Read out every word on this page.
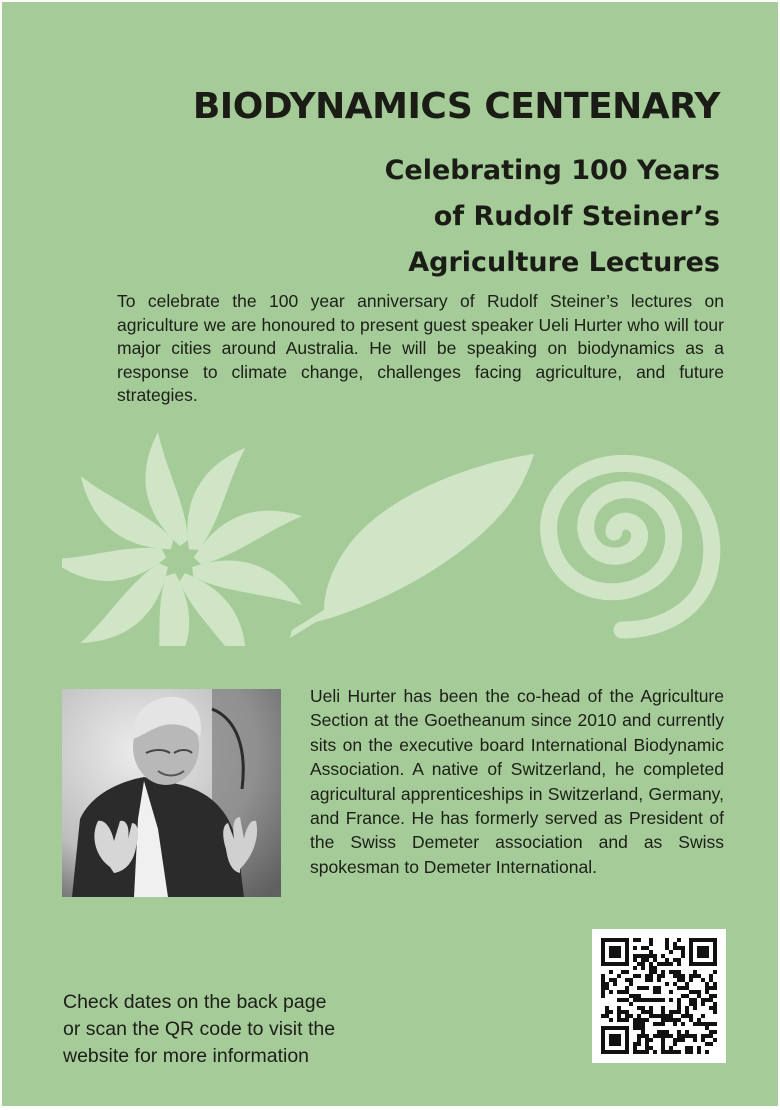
BIODYNAMICS CENTENARY
Celebrating 100 Years
of Rudolf Steiner’s
Agriculture Lectures

To celebrate the 100 year anniversary of Rudolf Steiner’s lectures on agriculture we are honoured to present guest speaker Ueli Hurter who will tour major cities around Australia. He will be speaking on biodynamics as a response to climate change, challenges facing agriculture, and future strategies.

Ueli Hurter has been the co-head of the Agriculture Section at the Goetheanum since 2010 and currently sits on the executive board International Biodynamic Association. A native of Switzerland, he completed agricultural apprenticeships in Switzerland, Germany, and France. He has formerly served as President of the Swiss Demeter association and as Swiss spokesman to Demeter International.

Check dates on the back page
or scan the QR code to visit the
website for more information
